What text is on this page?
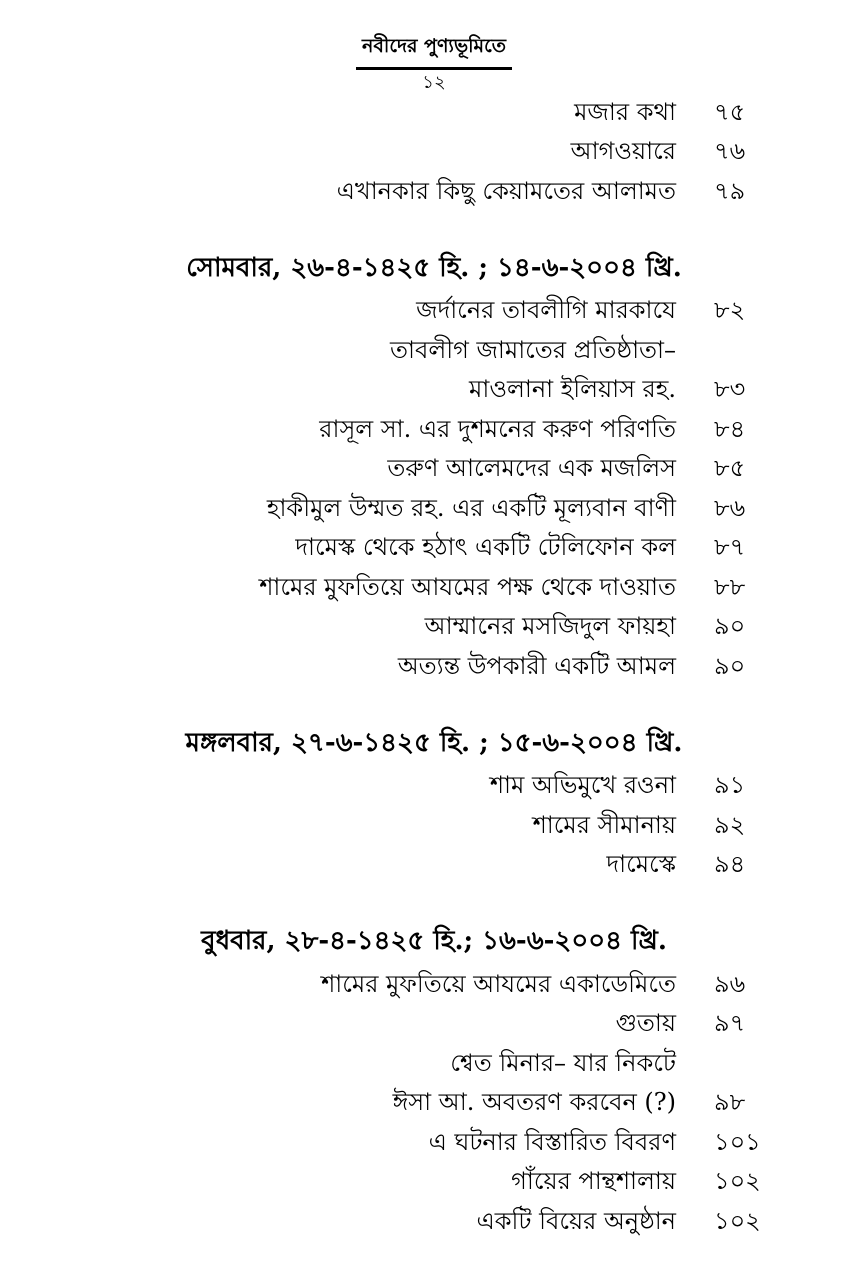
নবীদের পুণ্যভূমিতে
১২
মজার কথা ৭৫
আগওয়ারে ৭৬
এখানকার কিছু কেয়ামতের আলামত ৭৯
সোমবার, ২৬-৪-১৪২৫ হি. ; ১৪-৬-২০০৪ খ্রি.
জর্দানের তাবলীগি মারকাযে ৮২
তাবলীগ জামাতের প্রতিষ্ঠাতা–
মাওলানা ইলিয়াস রহ. ৮৩
রাসূল সা. এর দুশমনের করুণ পরিণতি ৮৪
তরুণ আলেমদের এক মজলিস ৮৫
হাকীমুল উম্মত রহ. এর একটি মূল্যবান বাণী ৮৬
দামেস্ক থেকে হঠাৎ একটি টেলিফোন কল ৮৭
শামের মুফতিয়ে আযমের পক্ষ থেকে দাওয়াত ৮৮
আম্মানের মসজিদুল ফায়হা ৯০
অত্যন্ত উপকারী একটি আমল ৯০
মঙ্গলবার, ২৭-৬-১৪২৫ হি. ; ১৫-৬-২০০৪ খ্রি.
শাম অভিমুখে রওনা ৯১
শামের সীমানায় ৯২
দামেস্কে ৯৪
বুধবার, ২৮-৪-১৪২৫ হি.; ১৬-৬-২০০৪ খ্রি.
শামের মুফতিয়ে আযমের একাডেমিতে ৯৬
গুতায় ৯৭
শ্বেত মিনার– যার নিকটে
ঈসা আ. অবতরণ করবেন (?) ৯৮
এ ঘটনার বিস্তারিত বিবরণ ১০১
গাঁয়ের পান্থশালায় ১০২
একটি বিয়ের অনুষ্ঠান ১০২
